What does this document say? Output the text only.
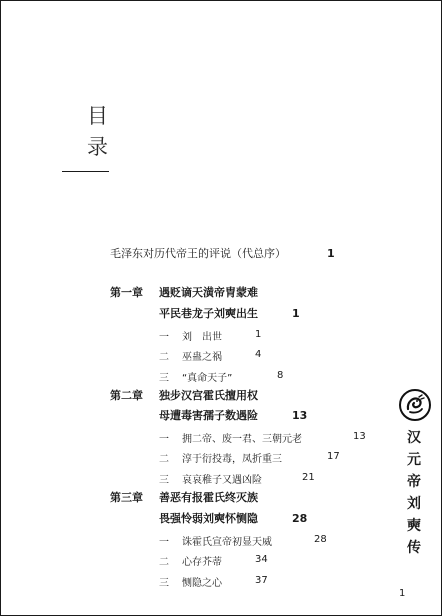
目
录
毛泽东对历代帝王的评说（代总序）	1
第一章 遇贬谪天潢帝胄蒙难
平民巷龙子刘奭出生	1
一 刘　出世	1
二 巫蛊之祸	4
三 “真命天子”	8
第二章 独步汉宫霍氏擅用权
母遭毒害孺子数遇险	13
一 拥二帝、废一君、三朝元老	13
二 淳于衍投毒，凤折重三	17
三 哀哀稚子又遇凶险	21
第三章 善恶有报霍氏终灭族
畏强怜弱刘奭怀恻隐	28
一 诛霍氏宣帝初显天威	28
二 心存芥蒂	34
三 恻隐之心	37
汉
元
帝
刘
奭
传
1
